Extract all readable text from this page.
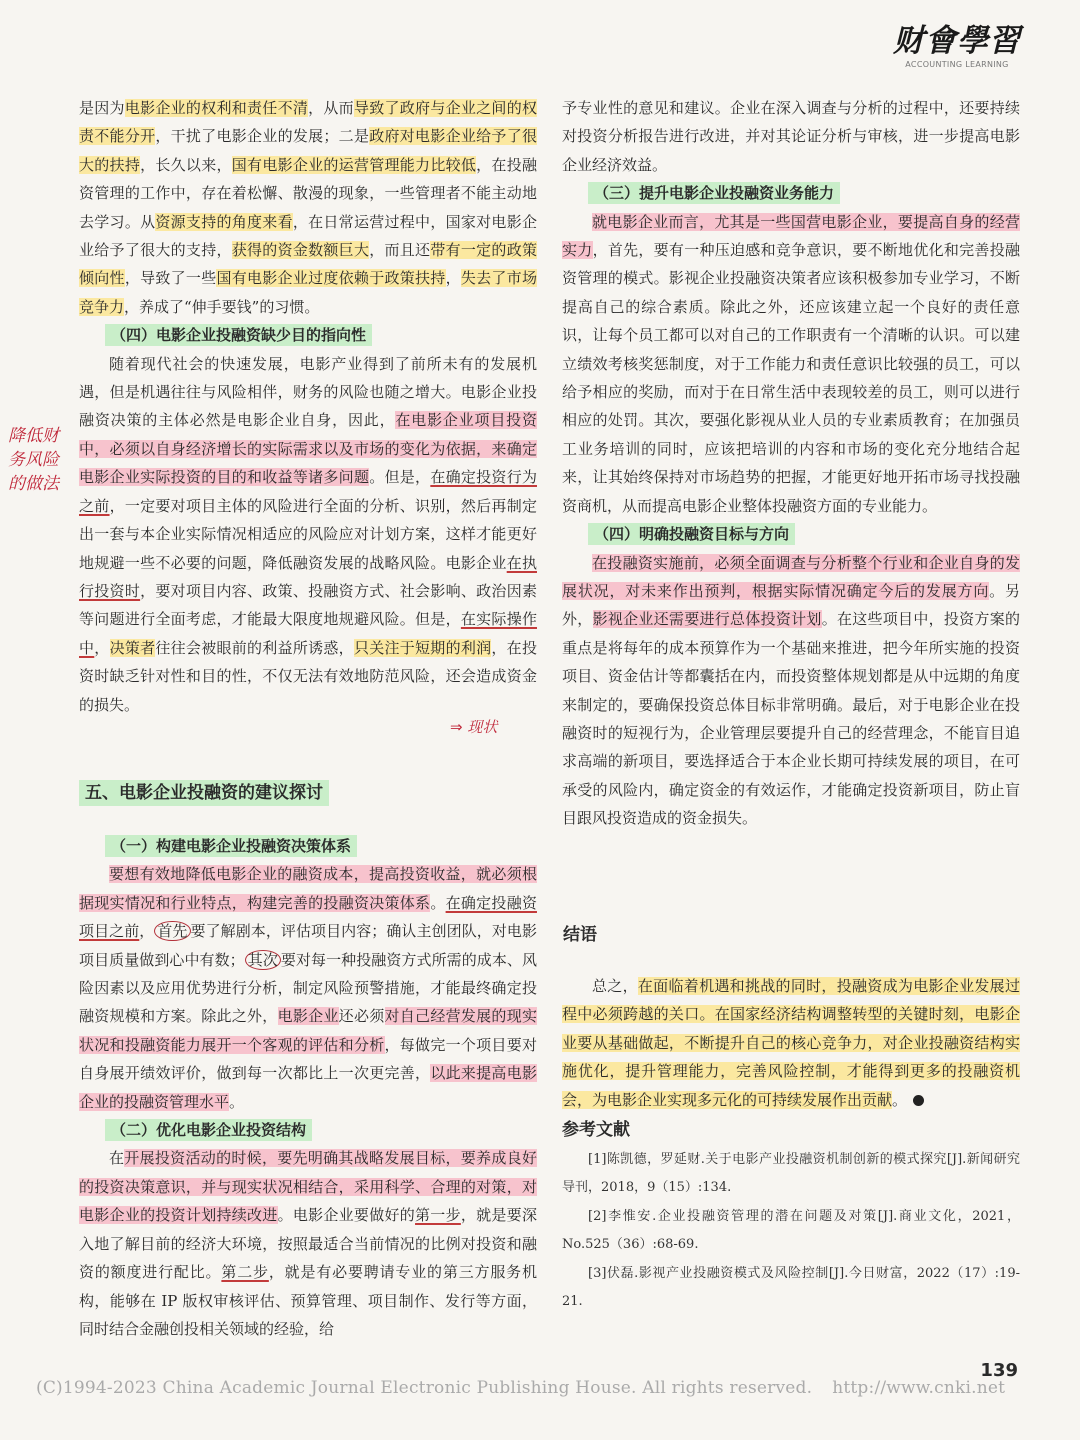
财會學習
ACCOUNTING LEARNING

是因为电影企业的权利和责任不清，从而导致了政府与企业之间的权责不能分开，干扰了电影企业的发展；二是政府对电影企业给予了很大的扶持，长久以来，国有电影企业的运营管理能力比较低，在投融资管理的工作中，存在着松懈、散漫的现象，一些管理者不能主动地去学习。从资源支持的角度来看，在日常运营过程中，国家对电影企业给予了很大的支持，获得的资金数额巨大，而且还带有一定的政策倾向性，导致了一些国有电影企业过度依赖于政策扶持，失去了市场竞争力，养成了“伸手要钱”的习惯。

（四）电影企业投融资缺少目的指向性

随着现代社会的快速发展，电影产业得到了前所未有的发展机遇，但是机遇往往与风险相伴，财务的风险也随之增大。电影企业投融资决策的主体必然是电影企业自身，因此，在电影企业项目投资中，必须以自身经济增长的实际需求以及市场的变化为依据，来确定电影企业实际投资的目的和收益等诸多问题。但是，在确定投资行为之前，一定要对项目主体的风险进行全面的分析、识别，然后再制定出一套与本企业实际情况相适应的风险应对计划方案，这样才能更好地规避一些不必要的问题，降低融资发展的战略风险。电影企业在执行投资时，要对项目内容、政策、投融资方式、社会影响、政治因素等问题进行全面考虑，才能最大限度地规避风险。但是，在实际操作中，决策者往往会被眼前的利益所诱惑，只关注于短期的利润，在投资时缺乏针对性和目的性，不仅无法有效地防范风险，还会造成资金的损失。

五、电影企业投融资的建议探讨
（一）构建电影企业投融资决策体系

要想有效地降低电影企业的融资成本，提高投资收益，就必须根据现实情况和行业特点，构建完善的投融资决策体系。在确定投融资项目之前， 首先 要了解剧本，评估项目内容；确认主创团队，对电影项目质量做到心中有数； 其次 要对每一种投融资方式所需的成本、风险因素以及应用优势进行分析，制定风险预警措施，才能最终确定投融资规模和方案。除此之外，电影企业还必须对自己经营发展的现实状况和投融资能力展开一个客观的评估和分析，每做完一个项目要对自身展开绩效评价，做到每一次都比上一次更完善，以此来提高电影企业的投融资管理水平。

（二）优化电影企业投资结构

在开展投资活动的时候，要先明确其战略发展目标，要养成良好的投资决策意识，并与现实状况相结合，采用科学、合理的对策，对电影企业的投资计划持续改进。电影企业要做好的第一步，就是要深入地了解目前的经济大环境，按照最适合当前情况的比例对投资和融资的额度进行配比。第二步，就是有必要聘请专业的第三方服务机构，能够在 IP 版权审核评估、预算管理、项目制作、发行等方面，同时结合金融创投相关领域的经验，给

予专业性的意见和建议。企业在深入调查与分析的过程中，还要持续对投资分析报告进行改进，并对其论证分析与审核，进一步提高电影企业经济效益。

（三）提升电影企业投融资业务能力

就电影企业而言，尤其是一些国营电影企业，要提高自身的经营实力，首先，要有一种压迫感和竞争意识，要不断地优化和完善投融资管理的模式。影视企业投融资决策者应该积极参加专业学习，不断提高自己的综合素质。除此之外，还应该建立起一个良好的责任意识，让每个员工都可以对自己的工作职责有一个清晰的认识。可以建立绩效考核奖惩制度，对于工作能力和责任意识比较强的员工，可以给予相应的奖励，而对于在日常生活中表现较差的员工，则可以进行相应的处罚。其次，要强化影视从业人员的专业素质教育；在加强员工业务培训的同时，应该把培训的内容和市场的变化充分地结合起来，让其始终保持对市场趋势的把握，才能更好地开拓市场寻找投融资商机，从而提高电影企业整体投融资方面的专业能力。

（四）明确投融资目标与方向

在投融资实施前，必须全面调查与分析整个行业和企业自身的发展状况，对未来作出预判，根据实际情况确定今后的发展方向。另外，影视企业还需要进行总体投资计划。在这些项目中，投资方案的重点是将每年的成本预算作为一个基础来推进，把今年所实施的投资项目、资金估计等都囊括在内，而投资整体规划都是从中远期的角度来制定的，要确保投资总体目标非常明确。最后，对于电影企业在投融资时的短视行为，企业管理层要提升自己的经营理念，不能盲目追求高端的新项目，要选择适合于本企业长期可持续发展的项目，在可承受的风险内，确定资金的有效运作，才能确定投资新项目，防止盲目跟风投资造成的资金损失。

结语

总之，在面临着机遇和挑战的同时，投融资成为电影企业发展过程中必须跨越的关口。在国家经济结构调整转型的关键时刻，电影企业要从基础做起，不断提升自己的核心竞争力，对企业投融资结构实施优化，提升管理能力，完善风险控制，才能得到更多的投融资机会，为电影企业实现多元化的可持续发展作出贡献。

参考文献
[1]陈凯德，罗延财.关于电影产业投融资机制创新的模式探究[J].新闻研究导刊，2018，9（15）:134.
[2]李惟安.企业投融资管理的潜在问题及对策[J].商业文化，2021，No.525（36）:68-69.
[3]伏磊.影视产业投融资模式及风险控制[J].今日财富，2022（17）:19-21.
降低财务风险的做法
⇒ 现状
139
(C)1994-2023 China Academic Journal Electronic Publishing House. All rights reserved. http://www.cnki.net
